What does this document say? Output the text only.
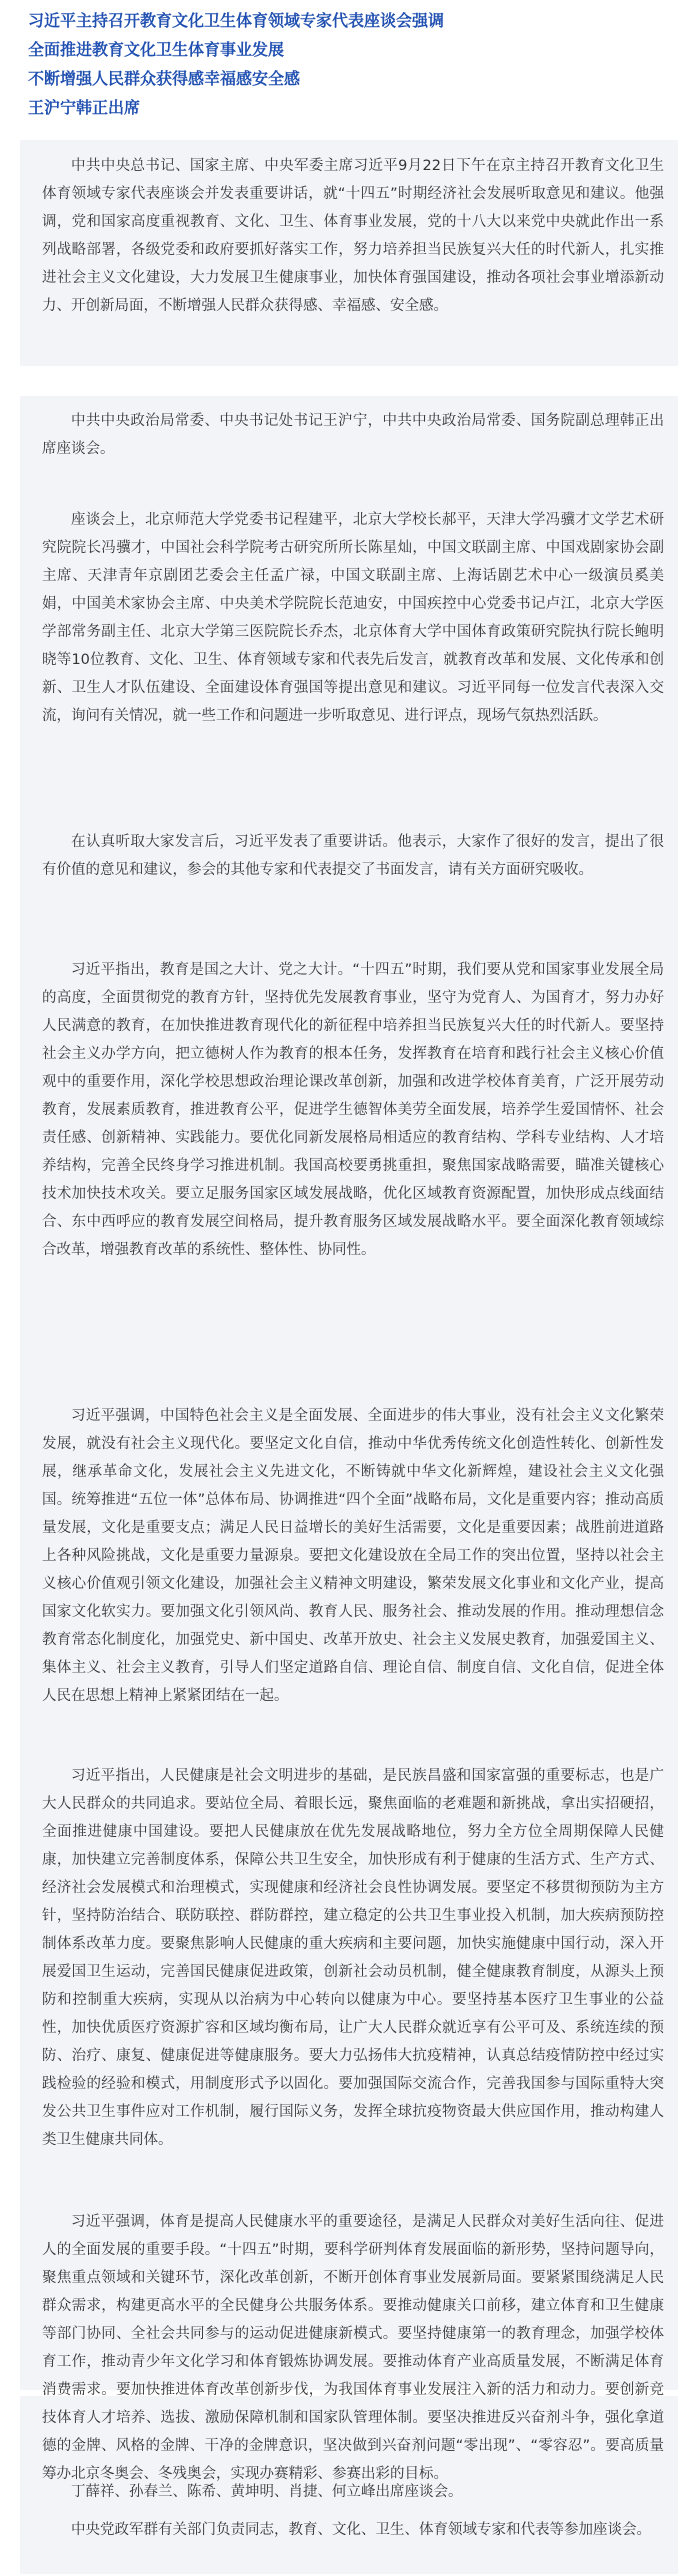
习近平主持召开教育文化卫生体育领域专家代表座谈会强调

全面推进教育文化卫生体育事业发展

不断增强人民群众获得感幸福感安全感

王沪宁韩正出席

中共中央总书记、国家主席、中央军委主席习近平9月22日下午在京主持召开教育文化卫生体育领域专家代表座谈会并发表重要讲话，就“十四五”时期经济社会发展听取意见和建议。他强调，党和国家高度重视教育、文化、卫生、体育事业发展，党的十八大以来党中央就此作出一系列战略部署，各级党委和政府要抓好落实工作，努力培养担当民族复兴大任的时代新人，扎实推进社会主义文化建设，大力发展卫生健康事业，加快体育强国建设，推动各项社会事业增添新动力、开创新局面，不断增强人民群众获得感、幸福感、安全感。

中共中央政治局常委、中央书记处书记王沪宁，中共中央政治局常委、国务院副总理韩正出席座谈会。

座谈会上，北京师范大学党委书记程建平，北京大学校长郝平，天津大学冯骥才文学艺术研究院院长冯骥才，中国社会科学院考古研究所所长陈星灿，中国文联副主席、中国戏剧家协会副主席、天津青年京剧团艺委会主任孟广禄，中国文联副主席、上海话剧艺术中心一级演员奚美娟，中国美术家协会主席、中央美术学院院长范迪安，中国疾控中心党委书记卢江，北京大学医学部常务副主任、北京大学第三医院院长乔杰，北京体育大学中国体育政策研究院执行院长鲍明晓等10位教育、文化、卫生、体育领域专家和代表先后发言，就教育改革和发展、文化传承和创新、卫生人才队伍建设、全面建设体育强国等提出意见和建议。习近平同每一位发言代表深入交流，询问有关情况，就一些工作和问题进一步听取意见、进行评点，现场气氛热烈活跃。

在认真听取大家发言后，习近平发表了重要讲话。他表示，大家作了很好的发言，提出了很有价值的意见和建议，参会的其他专家和代表提交了书面发言，请有关方面研究吸收。

习近平指出，教育是国之大计、党之大计。“十四五”时期，我们要从党和国家事业发展全局的高度，全面贯彻党的教育方针，坚持优先发展教育事业，坚守为党育人、为国育才，努力办好人民满意的教育，在加快推进教育现代化的新征程中培养担当民族复兴大任的时代新人。要坚持社会主义办学方向，把立德树人作为教育的根本任务，发挥教育在培育和践行社会主义核心价值观中的重要作用，深化学校思想政治理论课改革创新，加强和改进学校体育美育，广泛开展劳动教育，发展素质教育，推进教育公平，促进学生德智体美劳全面发展，培养学生爱国情怀、社会责任感、创新精神、实践能力。要优化同新发展格局相适应的教育结构、学科专业结构、人才培养结构，完善全民终身学习推进机制。我国高校要勇挑重担，聚焦国家战略需要，瞄准关键核心技术加快技术攻关。要立足服务国家区域发展战略，优化区域教育资源配置，加快形成点线面结合、东中西呼应的教育发展空间格局，提升教育服务区域发展战略水平。要全面深化教育领域综合改革，增强教育改革的系统性、整体性、协同性。

习近平强调，中国特色社会主义是全面发展、全面进步的伟大事业，没有社会主义文化繁荣发展，就没有社会主义现代化。要坚定文化自信，推动中华优秀传统文化创造性转化、创新性发展，继承革命文化，发展社会主义先进文化，不断铸就中华文化新辉煌，建设社会主义文化强国。统筹推进“五位一体”总体布局、协调推进“四个全面”战略布局，文化是重要内容；推动高质量发展，文化是重要支点；满足人民日益增长的美好生活需要，文化是重要因素；战胜前进道路上各种风险挑战，文化是重要力量源泉。要把文化建设放在全局工作的突出位置，坚持以社会主义核心价值观引领文化建设，加强社会主义精神文明建设，繁荣发展文化事业和文化产业，提高国家文化软实力。要加强文化引领风尚、教育人民、服务社会、推动发展的作用。推动理想信念教育常态化制度化，加强党史、新中国史、改革开放史、社会主义发展史教育，加强爱国主义、集体主义、社会主义教育，引导人们坚定道路自信、理论自信、制度自信、文化自信，促进全体人民在思想上精神上紧紧团结在一起。

习近平指出，人民健康是社会文明进步的基础，是民族昌盛和国家富强的重要标志，也是广大人民群众的共同追求。要站位全局、着眼长远，聚焦面临的老难题和新挑战，拿出实招硬招，全面推进健康中国建设。要把人民健康放在优先发展战略地位，努力全方位全周期保障人民健康，加快建立完善制度体系，保障公共卫生安全，加快形成有利于健康的生活方式、生产方式、经济社会发展模式和治理模式，实现健康和经济社会良性协调发展。要坚定不移贯彻预防为主方针，坚持防治结合、联防联控、群防群控，建立稳定的公共卫生事业投入机制，加大疾病预防控制体系改革力度。要聚焦影响人民健康的重大疾病和主要问题，加快实施健康中国行动，深入开展爱国卫生运动，完善国民健康促进政策，创新社会动员机制，健全健康教育制度，从源头上预防和控制重大疾病，实现从以治病为中心转向以健康为中心。要坚持基本医疗卫生事业的公益性，加快优质医疗资源扩容和区域均衡布局，让广大人民群众就近享有公平可及、系统连续的预防、治疗、康复、健康促进等健康服务。要大力弘扬伟大抗疫精神，认真总结疫情防控中经过实践检验的经验和模式，用制度形式予以固化。要加强国际交流合作，完善我国参与国际重特大突发公共卫生事件应对工作机制，履行国际义务，发挥全球抗疫物资最大供应国作用，推动构建人类卫生健康共同体。

习近平强调，体育是提高人民健康水平的重要途径，是满足人民群众对美好生活向往、促进人的全面发展的重要手段。“十四五”时期，要科学研判体育发展面临的新形势，坚持问题导向，聚焦重点领域和关键环节，深化改革创新，不断开创体育事业发展新局面。要紧紧围绕满足人民群众需求，构建更高水平的全民健身公共服务体系。要推动健康关口前移，建立体育和卫生健康等部门协同、全社会共同参与的运动促进健康新模式。要坚持健康第一的教育理念，加强学校体育工作，推动青少年文化学习和体育锻炼协调发展。要推动体育产业高质量发展，不断满足体育消费需求。要加快推进体育改革创新步伐，为我国体育事业发展注入新的活力和动力。要创新竞技体育人才培养、选拔、激励保障机制和国家队管理体制。要坚决推进反兴奋剂斗争，强化拿道德的金牌、风格的金牌、干净的金牌意识，坚决做到兴奋剂问题“零出现”、“零容忍”。要高质量筹办北京冬奥会、冬残奥会，实现办赛精彩、参赛出彩的目标。

丁薛祥、孙春兰、陈希、黄坤明、肖捷、何立峰出席座谈会。

中央党政军群有关部门负责同志，教育、文化、卫生、体育领域专家和代表等参加座谈会。
